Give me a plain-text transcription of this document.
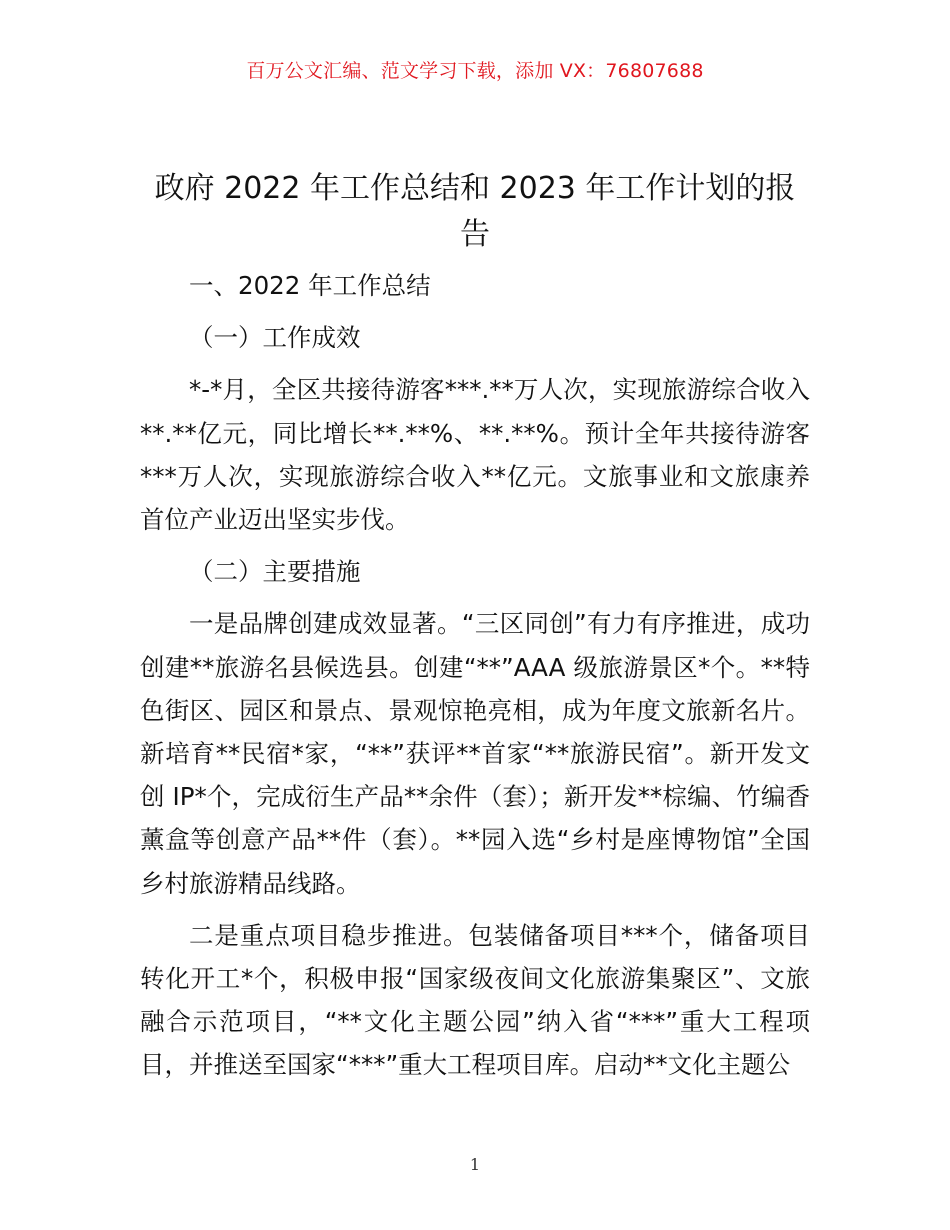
百万公文汇编、范文学习下载，添加 VX：76807688
政府 2022 年工作总结和 2023 年工作计划的报告

一、2022 年工作总结

（一）工作成效

*-*月，全区共接待游客***.**万人次，实现旅游综合收入**.**亿元，同比增长**.**%、**.**%。预计全年共接待游客***万人次，实现旅游综合收入**亿元。文旅事业和文旅康养首位产业迈出坚实步伐。

（二）主要措施

一是品牌创建成效显著。“三区同创”有力有序推进，成功创建**旅游名县候选县。创建“**”AAA 级旅游景区*个。**特色街区、园区和景点、景观惊艳亮相，成为年度文旅新名片。新培育**民宿*家，“**”获评**首家“**旅游民宿”。新开发文创 IP*个，完成衍生产品**余件（套）；新开发**棕编、竹编香薰盒等创意产品**件（套）。**园入选“乡村是座博物馆”全国乡村旅游精品线路。

二是重点项目稳步推进。包装储备项目***个，储备项目转化开工*个，积极申报“国家级夜间文化旅游集聚区”、文旅融合示范项目，“**文化主题公园”纳入省“***”重大工程项目，并推送至国家“***”重大工程项目库。启动**文化主题公

1
